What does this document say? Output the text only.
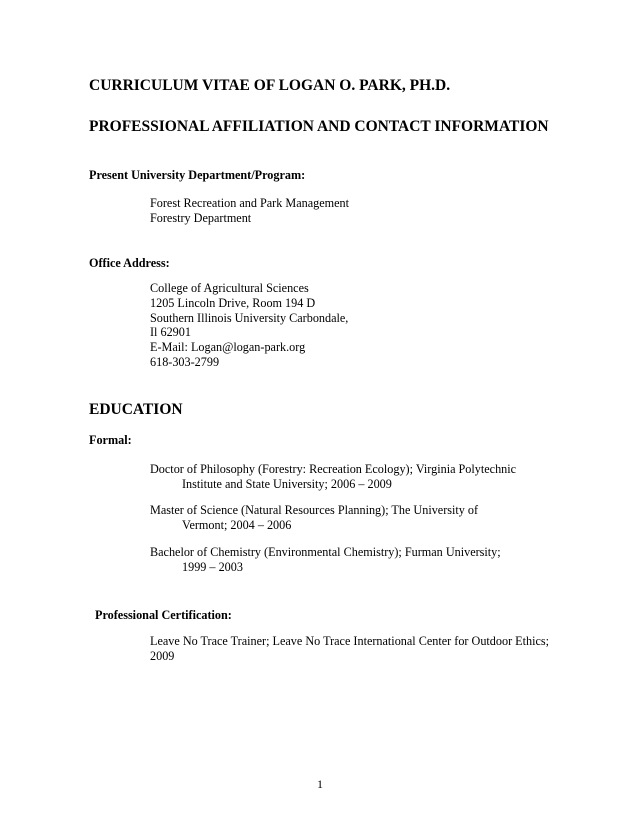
CURRICULUM VITAE OF LOGAN O. PARK, PH.D.
PROFESSIONAL AFFILIATION AND CONTACT INFORMATION
Present University Department/Program:
Forest Recreation and Park Management
Forestry Department
Office Address:
College of Agricultural Sciences
1205 Lincoln Drive, Room 194 D
Southern Illinois University Carbondale,
Il 62901
E-Mail: Logan@logan-park.org
618-303-2799
EDUCATION
Formal:
Doctor of Philosophy (Forestry: Recreation Ecology); Virginia Polytechnic
Institute and State University; 2006 – 2009
Master of Science (Natural Resources Planning); The University of
Vermont; 2004 – 2006
Bachelor of Chemistry (Environmental Chemistry); Furman University;
1999 – 2003
Professional Certification:
Leave No Trace Trainer; Leave No Trace International Center for Outdoor Ethics;
2009
1
